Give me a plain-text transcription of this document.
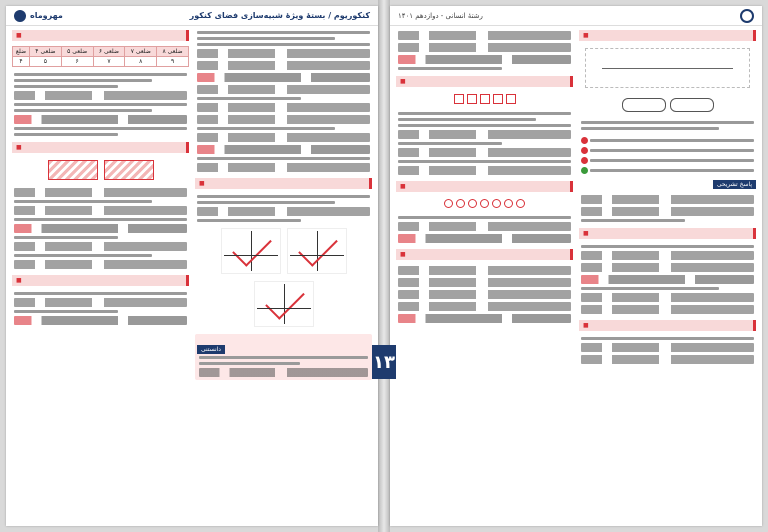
۱۳
مهروماه	کنکوریوم / بستهٔ ویژهٔ شبیه‌سازی فضای کنکور
■
ضلع	ضلعی ۴	ضلعی ۵	ضلعی ۶	ضلعی ۷	ضلعی ۸
۴	۵	۶	۷	۸	۹
■
■
■
دانستنی
رشتهٔ انسانی - دوازدهم ۱۴۰۱
■
■
■
■
پاسخ تشریحی
■
■
